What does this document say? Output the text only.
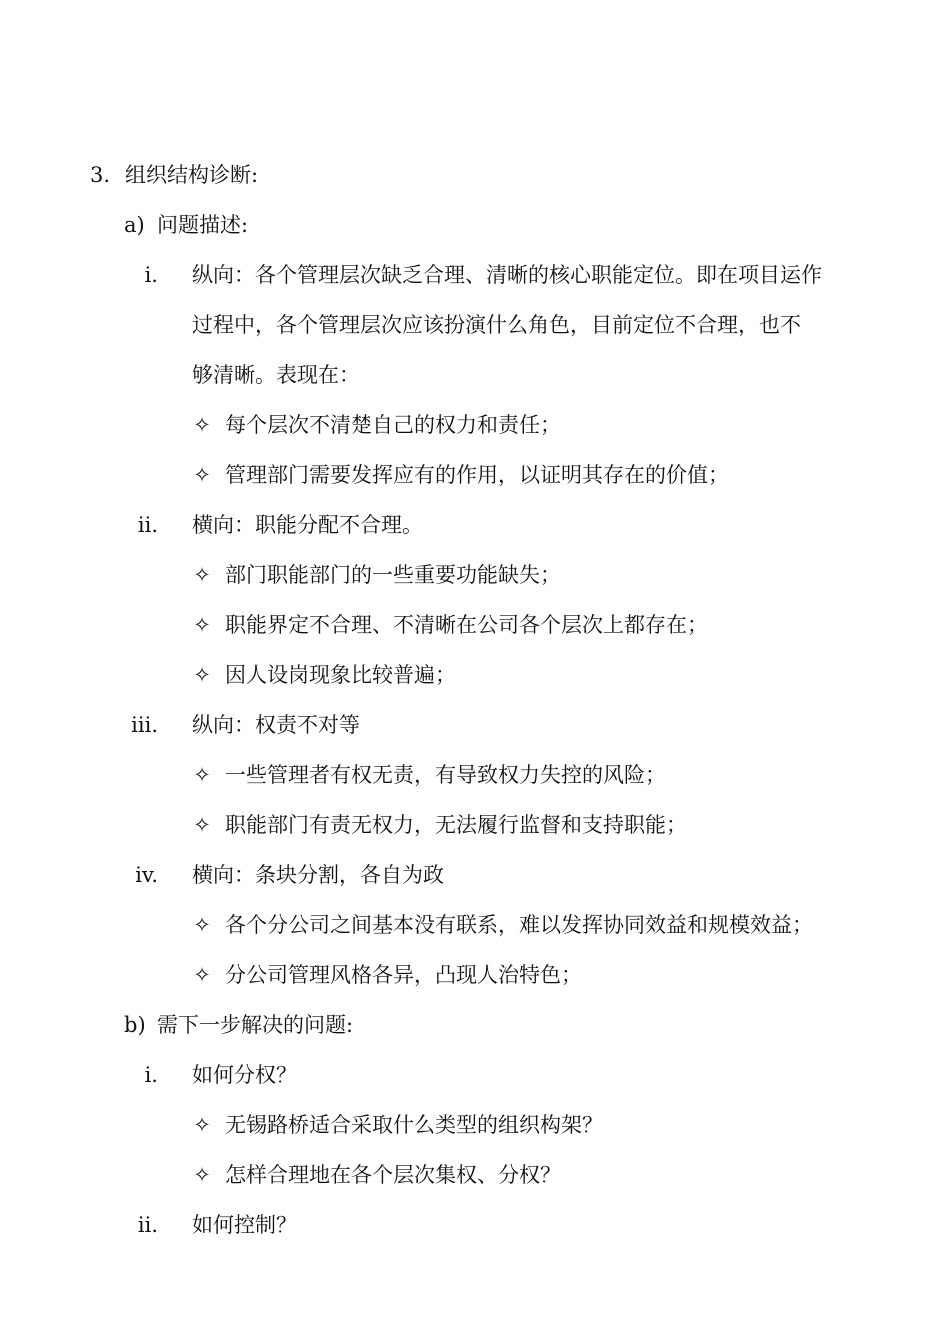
3. 组织结构诊断:
a) 问题描述:
i. 纵向：各个管理层次缺乏合理、清晰的核心职能定位。即在项目运作
过程中，各个管理层次应该扮演什么角色，目前定位不合理，也不
够清晰。表现在：
✧ 每个层次不清楚自己的权力和责任；
✧ 管理部门需要发挥应有的作用，以证明其存在的价值；
ii. 横向：职能分配不合理。
✧ 部门职能部门的一些重要功能缺失；
✧ 职能界定不合理、不清晰在公司各个层次上都存在；
✧ 因人设岗现象比较普遍；
iii. 纵向：权责不对等
✧ 一些管理者有权无责，有导致权力失控的风险；
✧ 职能部门有责无权力，无法履行监督和支持职能；
iv. 横向：条块分割，各自为政
✧ 各个分公司之间基本没有联系，难以发挥协同效益和规模效益；
✧ 分公司管理风格各异，凸现人治特色；
b) 需下一步解决的问题:
i. 如何分权？
✧ 无锡路桥适合采取什么类型的组织构架？
✧ 怎样合理地在各个层次集权、分权？
ii. 如何控制？
